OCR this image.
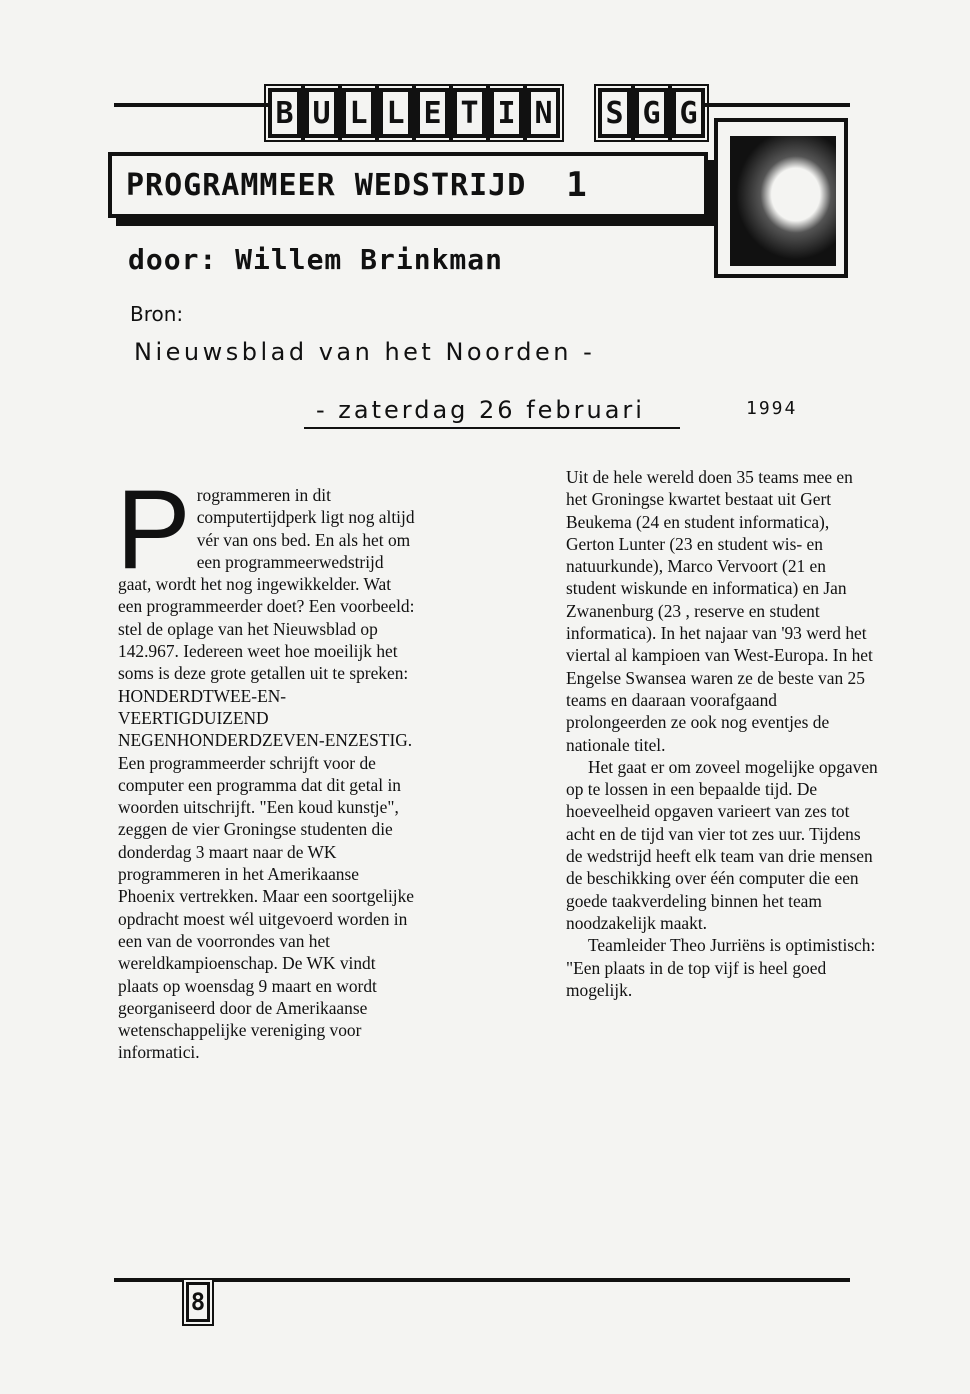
B U L L E T I N S G G
PROGRAMMEER WEDSTRIJD 1
door: Willem Brinkman
Bron:
Nieuwsblad van het Noorden -
- zaterdag 26 februari	1994
Programmeren in dit computertijdperk ligt nog altijd vér van ons bed. En als het om een programmeerwedstrijd gaat, wordt het nog ingewikkelder. Wat een programmeerder doet? Een voorbeeld: stel de oplage van het Nieuwsblad op 142.967. Iedereen weet hoe moeilijk het soms is deze grote getallen uit te spreken: HONDERDTWEE-EN-VEERTIGDUIZEND NEGENHONDERDZEVEN-ENZESTIG. Een programmeerder schrijft voor de computer een programma dat dit getal in woorden uitschrijft. "Een koud kunstje", zeggen de vier Groningse studenten die donderdag 3 maart naar de WK programmeren in het Amerikaanse Phoenix vertrekken. Maar een soortgelijke opdracht moest wél uitgevoerd worden in een van de voorrondes van het wereldkampioenschap. De WK vindt plaats op woensdag 9 maart en wordt georganiseerd door de Amerikaanse wetenschappelijke vereniging voor informatici.

Uit de hele wereld doen 35 teams mee en het Groningse kwartet bestaat uit Gert Beukema (24 en student informatica), Gerton Lunter (23 en student wis- en natuurkunde), Marco Vervoort (21 en student wiskunde en informatica) en Jan Zwanenburg (23 , reserve en student informatica). In het najaar van '93 werd het viertal al kampioen van West-Europa. In het Engelse Swansea waren ze de beste van 25 teams en daaraan voorafgaand prolongeerden ze ook nog eventjes de nationale titel.

Het gaat er om zoveel mogelijke opgaven op te lossen in een bepaalde tijd. De hoeveelheid opgaven varieert van zes tot acht en de tijd van vier tot zes uur. Tijdens de wedstrijd heeft elk team van drie mensen de beschikking over één computer die een goede taakverdeling binnen het team noodzakelijk maakt.

Teamleider Theo Jurriëns is optimistisch: "Een plaats in de top vijf is heel goed mogelijk.

8
